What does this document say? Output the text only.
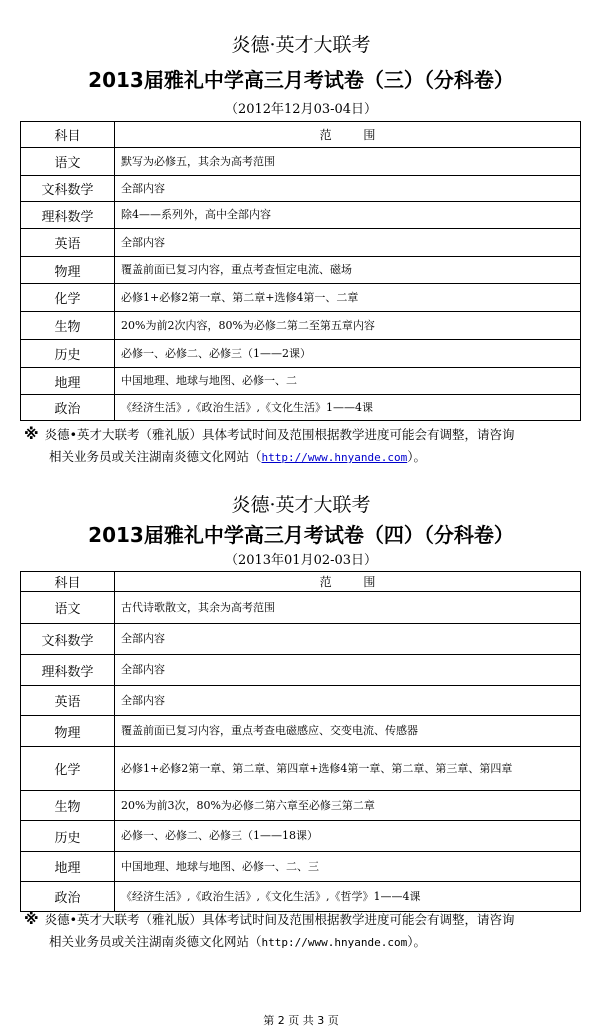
炎德·英才大联考
2013届雅礼中学高三月考试卷（三）（分科卷）
（2012年12月03-04日）
科目	范 围
语文	默写为必修五，其余为高考范围
文科数学	全部内容
理科数学	除4——系列外，高中全部内容
英语	全部内容
物理	覆盖前面已复习内容，重点考查恒定电流、磁场
化学	必修1+必修2第一章、第二章+选修4第一、二章
生物	20%为前2次内容，80%为必修二第二至第五章内容
历史	必修一、必修二、必修三（1——2课）
地理	中国地理、地球与地图、必修一、二
政治	《经济生活》,《政治生活》,《文化生活》1——4课
※ 炎德•英才大联考（雅礼版）具体考试时间及范围根据教学进度可能会有调整，请咨询
相关业务员或关注湖南炎德文化网站（http://www.hnyande.com）。
炎德·英才大联考
2013届雅礼中学高三月考试卷（四）（分科卷）
（2013年01月02-03日）
科目	范 围
语文	古代诗歌散文，其余为高考范围
文科数学	全部内容
理科数学	全部内容
英语	全部内容
物理	覆盖前面已复习内容，重点考查电磁感应、交变电流、传感器
化学	必修1+必修2第一章、第二章、第四章+选修4第一章、第二章、第三章、第四章
生物	20%为前3次，80%为必修二第六章至必修三第二章
历史	必修一、必修二、必修三（1——18课）
地理	中国地理、地球与地图、必修一、二、三
政治	《经济生活》,《政治生活》,《文化生活》,《哲学》1——4课
※ 炎德•英才大联考（雅礼版）具体考试时间及范围根据教学进度可能会有调整，请咨询
相关业务员或关注湖南炎德文化网站（http://www.hnyande.com）。
第 2 页 共 3 页
